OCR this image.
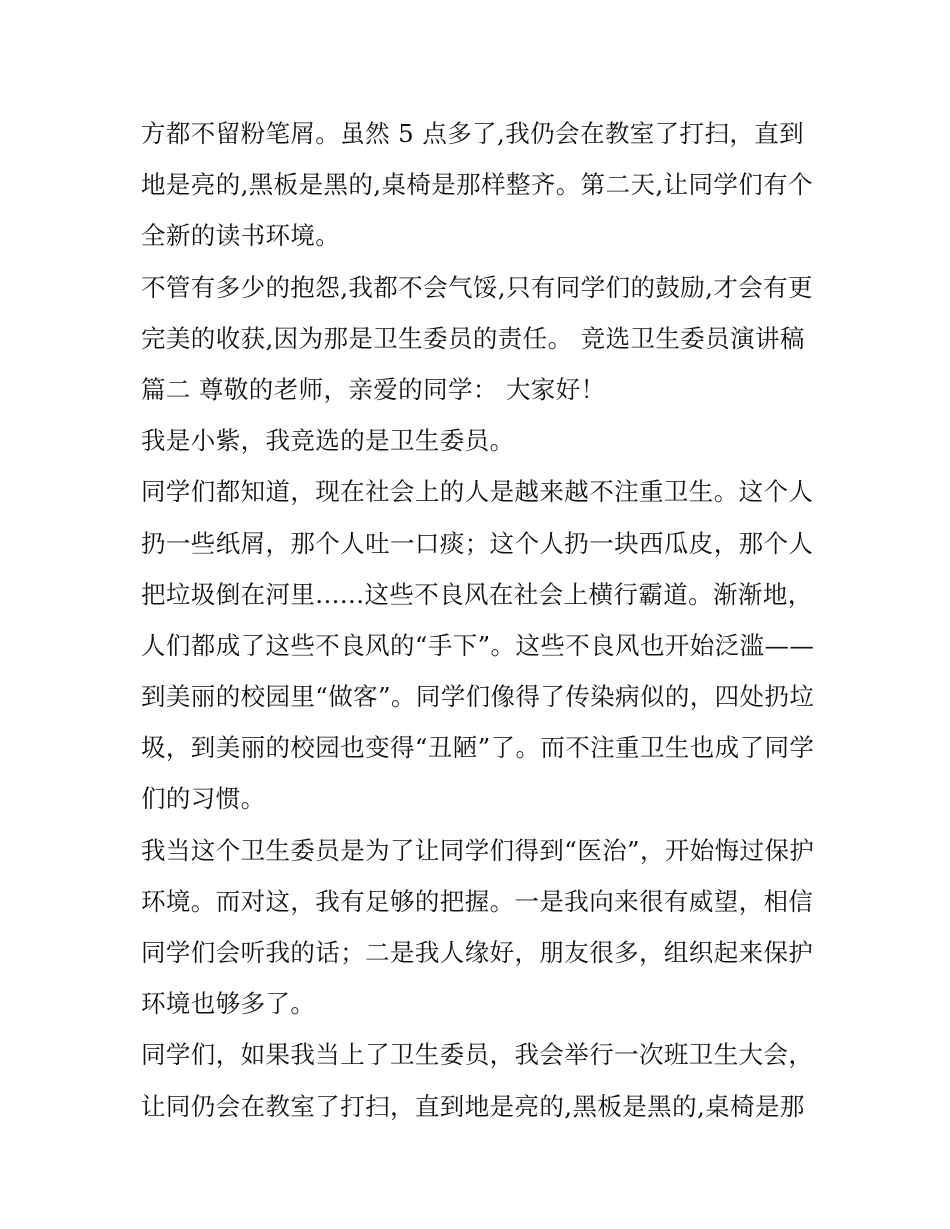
方都不留粉笔屑。虽然 5 点多了,我仍会在教室了打扫，直到
地是亮的,黑板是黑的,桌椅是那样整齐。第二天,让同学们有个
全新的读书环境。
不管有多少的抱怨,我都不会气馁,只有同学们的鼓励,才会有更
完美的收获,因为那是卫生委员的责任。 竞选卫生委员演讲稿
篇二 尊敬的老师，亲爱的同学： 大家好！
我是小紫，我竞选的是卫生委员。
同学们都知道，现在社会上的人是越来越不注重卫生。这个人
扔一些纸屑，那个人吐一口痰；这个人扔一块西瓜皮，那个人
把垃圾倒在河里......这些不良风在社会上横行霸道。渐渐地，
人们都成了这些不良风的“手下”。这些不良风也开始泛滥——
到美丽的校园里“做客”。同学们像得了传染病似的，四处扔垃
圾，到美丽的校园也变得“丑陋”了。而不注重卫生也成了同学
们的习惯。
我当这个卫生委员是为了让同学们得到“医治”，开始悔过保护
环境。而对这，我有足够的把握。一是我向来很有威望，相信
同学们会听我的话；二是我人缘好，朋友很多，组织起来保护
环境也够多了。
同学们，如果我当上了卫生委员，我会举行一次班卫生大会，
让同仍会在教室了打扫，直到地是亮的,黑板是黑的,桌椅是那
